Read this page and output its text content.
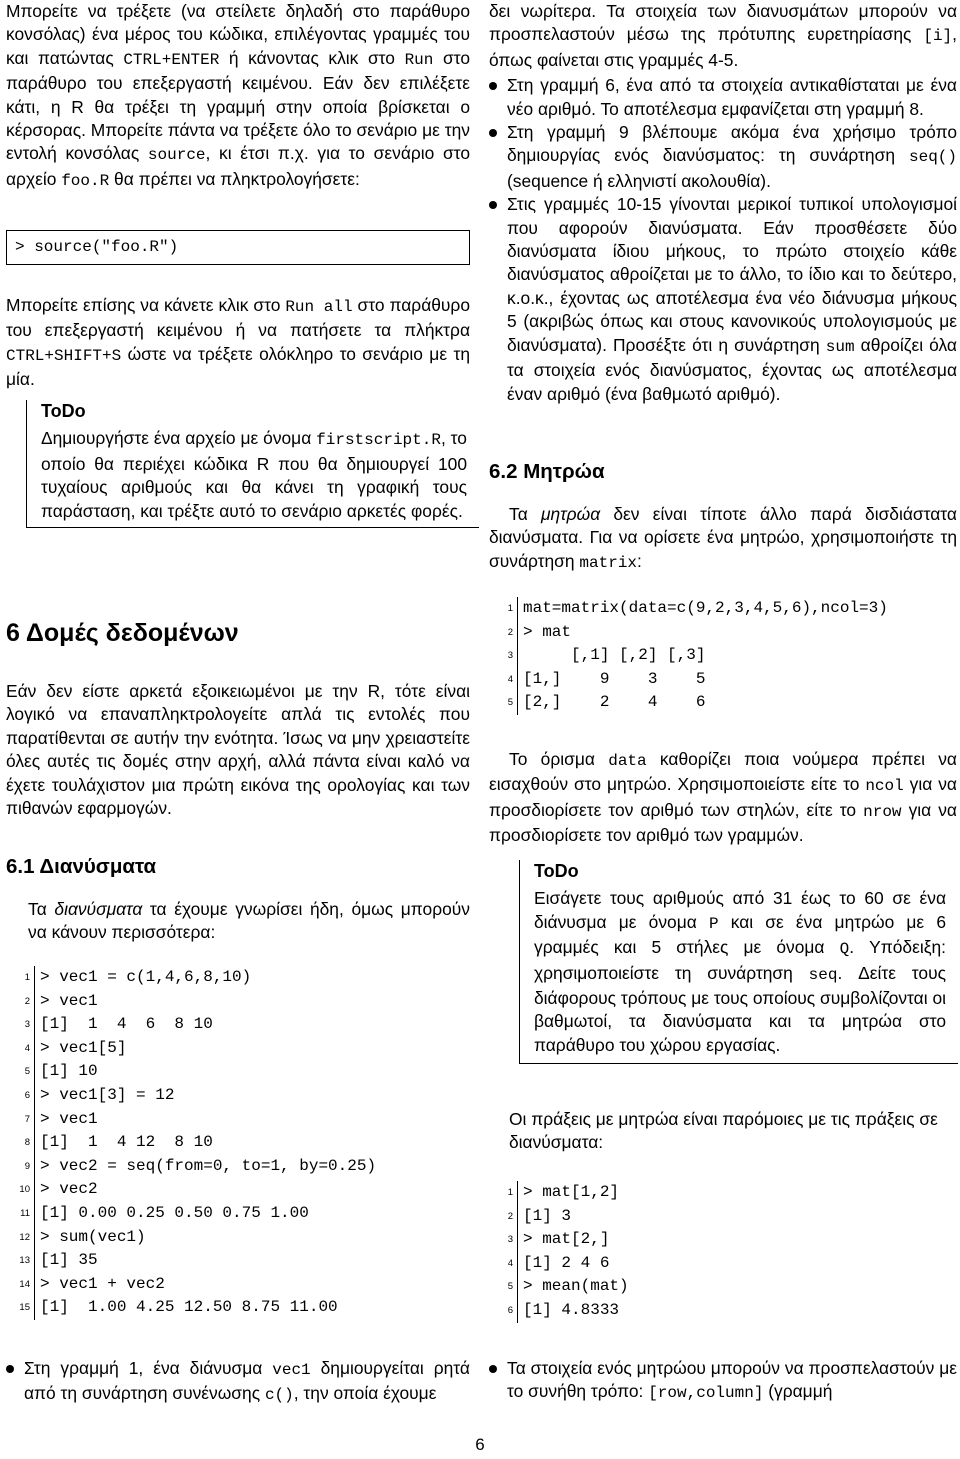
Μπορείτε να τρέξετε (να στείλετε δηλαδή στο παράθυρο κονσόλας) ένα μέρος του κώδικα, επιλέγοντας γραμμές του και πατώντας CTRL+ENTER ή κάνοντας κλικ στο Run στο παράθυρο του επεξεργαστή κειμένου. Εάν δεν επιλέξετε κάτι, η R θα τρέξει τη γραμμή στην οποία βρίσκεται ο κέρσορας. Μπορείτε πάντα να τρέξετε όλο το σενάριο με την εντολή κονσόλας source, κι έτσι π.χ. για το σενάριο στο αρχείο foo.R θα πρέπει να πληκτρολογήσετε:

> source("foo.R")

Μπορείτε επίσης να κάνετε κλικ στο Run all στο παράθυρο του επεξεργαστή κειμένου ή να πατήσετε τα πλήκτρα CTRL+SHIFT+S ώστε να τρέξετε ολόκληρο το σενάριο με τη μία.

ToDo

Δημιουργήστε ένα αρχείο με όνομα firstscript.R, το οποίο θα περιέχει κώδικα R που θα δημιουργεί 100 τυχαίους αριθμούς και θα κάνει τη γραφική τους παράσταση, και τρέξτε αυτό το σενάριο αρκετές φορές.

6 Δομές δεδομένων

Εάν δεν είστε αρκετά εξοικειωμένοι με την R, τότε είναι λογικό να επαναπληκτρολογείτε απλά τις εντολές που παρατίθενται σε αυτήν την ενότητα. Ίσως να μην χρειαστείτε όλες αυτές τις δομές στην αρχή, αλλά πάντα είναι καλό να έχετε τουλάχιστον μια πρώτη εικόνα της ορολογίας και των πιθανών εφαρμογών.

6.1 Διανύσματα

Τα διανύσματα τα έχουμε γνωρίσει ήδη, όμως μπορούν να κάνουν περισσότερα:

1
2
3
4
5
6
7
8
9
10
11
12
13
14
15
> vec1 = c(1,4,6,8,10)
> vec1
[1]  1  4  6  8 10
> vec1[5]
[1] 10
> vec1[3] = 12
> vec1
[1]  1  4 12  8 10
> vec2 = seq(from=0, to=1, by=0.25)
> vec2
[1] 0.00 0.25 0.50 0.75 1.00
> sum(vec1)
[1] 35
> vec1 + vec2
[1]  1.00 4.25 12.50 8.75 11.00

Στη γραμμή 1, ένα διάνυσμα vec1 δημιουργείται ρητά από τη συνάρτηση συνένωσης c(), την οποία έχουμε

δει νωρίτερα. Τα στοιχεία των διανυσμάτων μπορούν να προσπελαστούν μέσω της πρότυπης ευρετηρίασης [i], όπως φαίνεται στις γραμμές 4-5.

Στη γραμμή 6, ένα από τα στοιχεία αντικαθίσταται με ένα νέο αριθμό. Το αποτέλεσμα εμφανίζεται στη γραμμή 8.

Στη γραμμή 9 βλέπουμε ακόμα ένα χρήσιμο τρόπο δημιουργίας ενός διανύσματος: τη συνάρτηση seq() (sequence ή ελληνιστί ακολουθία).

Στις γραμμές 10-15 γίνονται μερικοί τυπικοί υπολογισμοί που αφορούν διανύσματα. Εάν προσθέσετε δύο διανύσματα ίδιου μήκους, το πρώτο στοιχείο κάθε διανύσματος αθροίζεται με το άλλο, το ίδιο και το δεύτερο, κ.ο.κ., έχοντας ως αποτέλεσμα ένα νέο διάνυσμα μήκους 5 (ακριβώς όπως και στους κανονικούς υπολογισμούς με διανύσματα). Προσέξτε ότι η συνάρτηση sum αθροίζει όλα τα στοιχεία ενός διανύσματος, έχοντας ως αποτέλεσμα έναν αριθμό (ένα βαθμωτό αριθμό).

6.2 Μητρώα

Τα μητρώα δεν είναι τίποτε άλλο παρά δισδιάστατα διανύσματα. Για να ορίσετε ένα μητρώο, χρησιμοποιήστε τη συνάρτηση matrix:

1
2
3
4
5
mat=matrix(data=c(9,2,3,4,5,6),ncol=3)
> mat
[,1] [,2] [,3]
[1,]    9    3    5
[2,]    2    4    6

Το όρισμα data καθορίζει ποια νούμερα πρέπει να εισαχθούν στο μητρώο. Χρησιμοποιείστε είτε το ncol για να προσδιορίσετε τον αριθμό των στηλών, είτε το nrow για να προσδιορίσετε τον αριθμό των γραμμών.

ToDo

Εισάγετε τους αριθμούς από 31 έως το 60 σε ένα διάνυσμα με όνομα P και σε ένα μητρώο με 6 γραμμές και 5 στήλες με όνομα Q. Υπόδειξη: χρησιμοποιείστε τη συνάρτηση seq. Δείτε τους διάφορους τρόπους με τους οποίους συμβολίζονται οι βαθμωτοί, τα διανύσματα και τα μητρώα στο παράθυρο του χώρου εργασίας.

Οι πράξεις με μητρώα είναι παρόμοιες με τις πράξεις σε διανύσματα:

1
2
3
4
5
6
> mat[1,2]
[1] 3
> mat[2,]
[1] 2 4 6
> mean(mat)
[1] 4.8333

Τα στοιχεία ενός μητρώου μπορούν να προσπελαστούν με το συνήθη τρόπο: [row,column] (γραμμή

6
